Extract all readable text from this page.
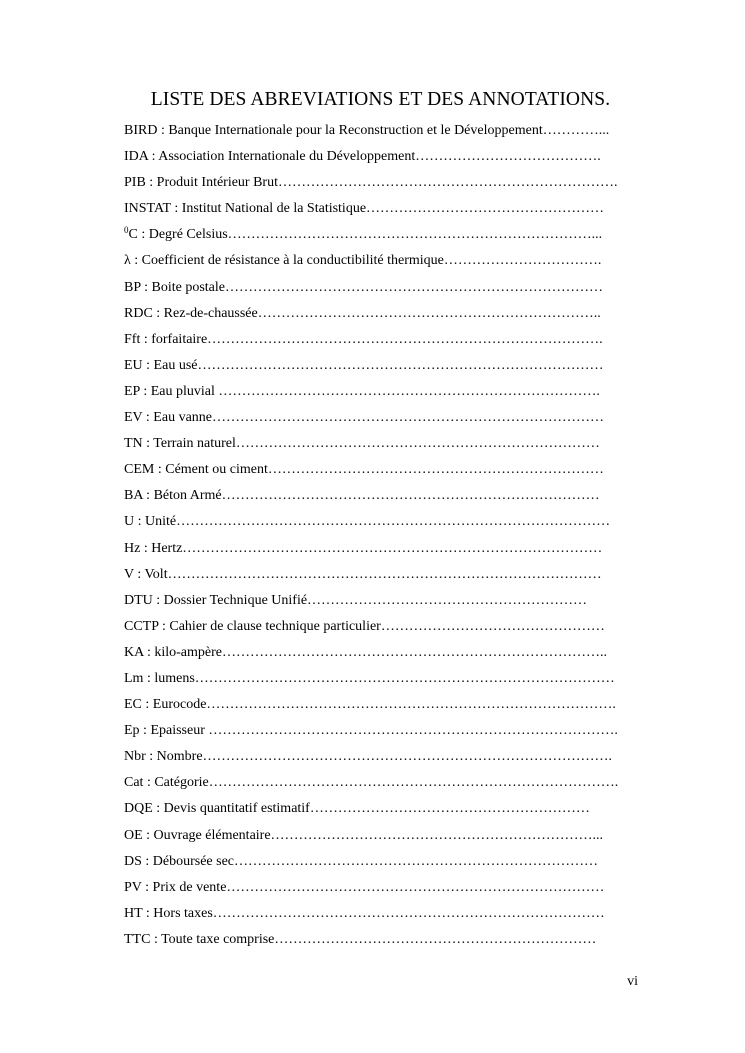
LISTE DES ABREVIATIONS ET DES ANNOTATIONS.
BIRD : Banque Internationale pour la Reconstruction et le Développement…………...
IDA : Association Internationale du Développement………………………………….
PIB : Produit Intérieur Brut……………………………………………………………….
INSTAT : Institut National de la Statistique……………………………………………
$^0$C : Degré Celsius……………………………………………………………………...
λ : Coefficient de résistance à la conductibilité thermique…………………………….
BP : Boite postale………………………………………………………………………
RDC : Rez-de-chaussée………………………………………………………………..
Fft : forfaitaire………………………………………………………………………….
EU : Eau usé……………………………………………………………………………
EP : Eau pluvial ……………………………………………………………………….
EV : Eau vanne…………………………………………………………………………
TN : Terrain naturel……………………………………………………………………
CEM : Cément ou ciment………………………………………………………………
BA : Béton Armé………………………………………………………………………
U : Unité…………………………………………………………………………………
Hz : Hertz………………………………………………………………………………
V : Volt…………………………………………………………………………………
DTU : Dossier Technique Unifié……………………………………………………
CCTP : Cahier de clause technique particulier…………………………………………
KA : kilo-ampère………………………………………………………………………..
Lm : lumens………………………………………………………………………………
EC : Eurocode…………………………………………………………………………….
Ep : Epaisseur …………………………………………………………………………….
Nbr : Nombre…………………………………………………………………………….
Cat : Catégorie…………………………………………………………………………….
DQE : Devis quantitatif estimatif……………………………………………………
OE : Ouvrage élémentaire……………………………………………………………...
DS : Déboursée sec……………………………………………………………………
PV : Prix de vente………………………………………………………………………
HT : Hors taxes…………………………………………………………………………
TTC : Toute taxe comprise……………………………………………………………
vi
